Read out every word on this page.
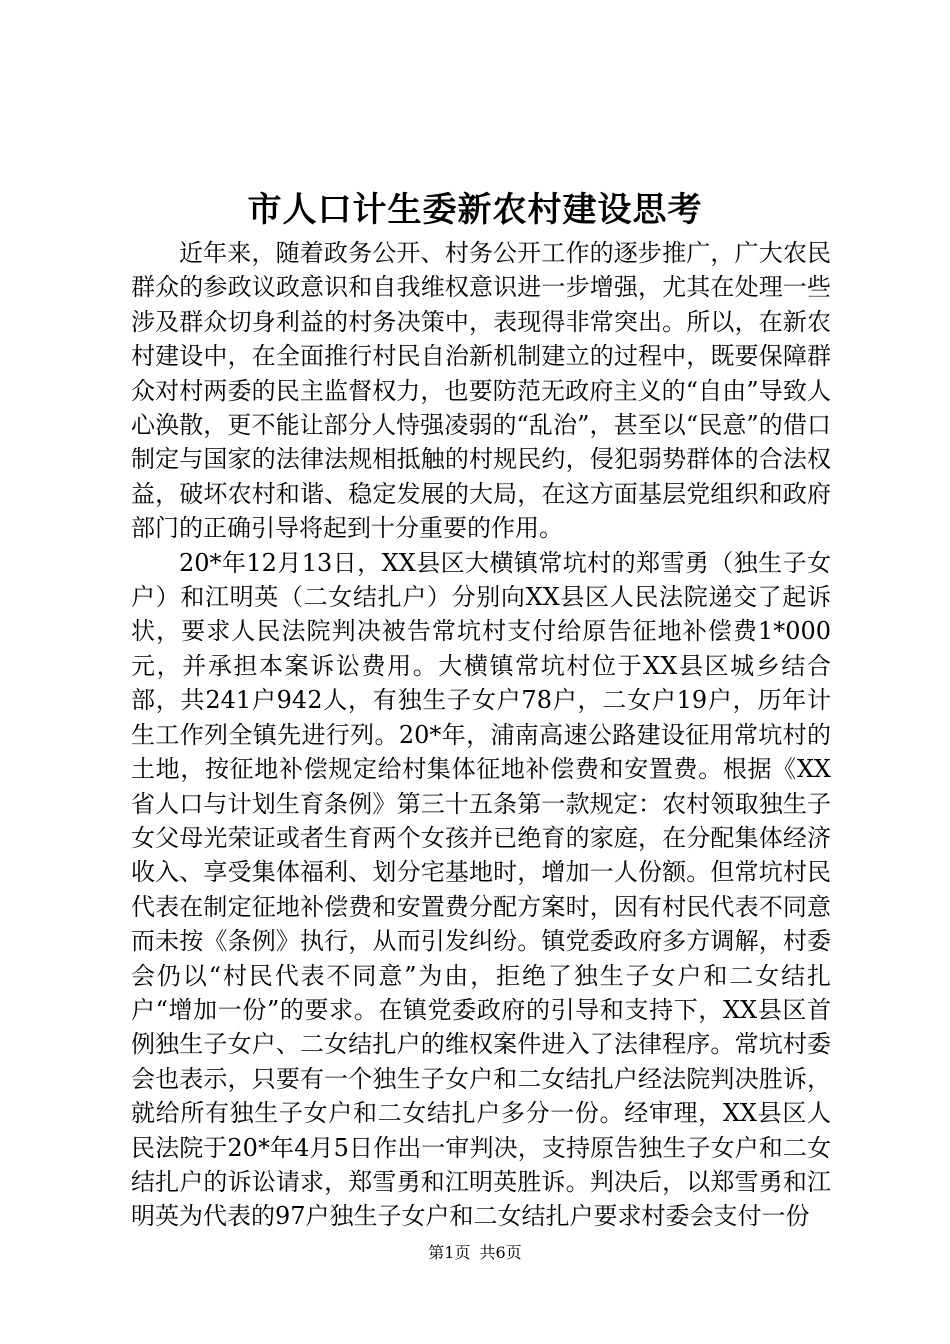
市人口计生委新农村建设思考

近年来，随着政务公开、村务公开工作的逐步推广，广大农民群众的参政议政意识和自我维权意识进一步增强，尤其在处理一些涉及群众切身利益的村务决策中，表现得非常突出。所以，在新农村建设中，在全面推行村民自治新机制建立的过程中，既要保障群众对村两委的民主监督权力，也要防范无政府主义的“自由”导致人心涣散，更不能让部分人恃强凌弱的“乱治”，甚至以“民意”的借口制定与国家的法律法规相抵触的村规民约，侵犯弱势群体的合法权益，破坏农村和谐、稳定发展的大局，在这方面基层党组织和政府部门的正确引导将起到十分重要的作用。

20*年12月13日，XX县区大横镇常坑村的郑雪勇（独生子女户）和江明英（二女结扎户）分别向XX县区人民法院递交了起诉状，要求人民法院判决被告常坑村支付给原告征地补偿费1*000元，并承担本案诉讼费用。大横镇常坑村位于XX县区城乡结合部，共241户942人，有独生子女户78户，二女户19户，历年计生工作列全镇先进行列。20*年，浦南高速公路建设征用常坑村的土地，按征地补偿规定给村集体征地补偿费和安置费。根据《XX省人口与计划生育条例》第三十五条第一款规定：农村领取独生子女父母光荣证或者生育两个女孩并已绝育的家庭，在分配集体经济收入、享受集体福利、划分宅基地时，增加一人份额。但常坑村民代表在制定征地补偿费和安置费分配方案时，因有村民代表不同意而未按《条例》执行，从而引发纠纷。镇党委政府多方调解，村委会仍以“村民代表不同意”为由，拒绝了独生子女户和二女结扎户“增加一份”的要求。在镇党委政府的引导和支持下，XX县区首例独生子女户、二女结扎户的维权案件进入了法律程序。常坑村委会也表示，只要有一个独生子女户和二女结扎户经法院判决胜诉，就给所有独生子女户和二女结扎户多分一份。经审理，XX县区人民法院于20*年4月5日作出一审判决，支持原告独生子女户和二女结扎户的诉讼请求，郑雪勇和江明英胜诉。判决后，以郑雪勇和江明英为代表的97户独生子女户和二女结扎户要求村委会支付一份

第1页 共6页
